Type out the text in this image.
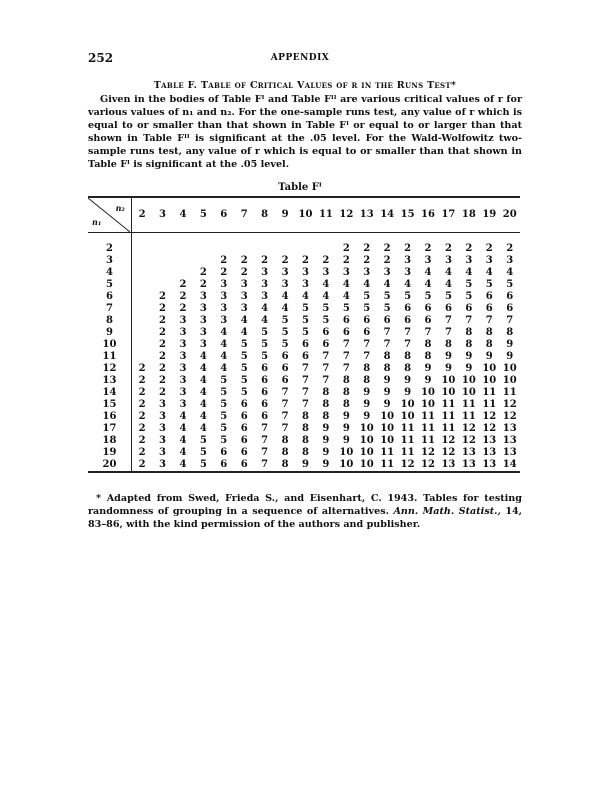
252	APPENDIX
Table F. Table of Critical Values of r in the Runs Test*
Given in the bodies of Table Fᴵ and Table Fᴵᴵ are various critical values of r for various values of n₁ and n₂. For the one-sample runs test, any value of r which is equal to or smaller than that shown in Table Fᴵ or equal to or larger than that shown in Table Fᴵᴵ is significant at the .05 level. For the Wald-Wolfowitz two-sample runs test, any value of r which is equal to or smaller than that shown in Table Fᴵ is significant at the .05 level.
Table Fᴵ
n₂
n₁	2	3	4	5	6	7	8	9	10	11	12	13	14	15	16	17	18	19	20

2											2	2	2	2	2	2	2	2	2
3					2	2	2	2	2	2	2	2	2	3	3	3	3	3	3
4				2	2	2	3	3	3	3	3	3	3	3	4	4	4	4	4
5			2	2	3	3	3	3	3	4	4	4	4	4	4	4	5	5	5
6		2	2	3	3	3	3	4	4	4	4	5	5	5	5	5	5	6	6
7		2	2	3	3	3	4	4	5	5	5	5	5	6	6	6	6	6	6
8		2	3	3	3	4	4	5	5	5	6	6	6	6	6	7	7	7	7
9		2	3	3	4	4	5	5	5	6	6	6	7	7	7	7	8	8	8
10		2	3	3	4	5	5	5	6	6	7	7	7	7	8	8	8	8	9
11		2	3	4	4	5	5	6	6	7	7	7	8	8	8	9	9	9	9
12	2	2	3	4	4	5	6	6	7	7	7	8	8	8	9	9	9	10	10
13	2	2	3	4	5	5	6	6	7	7	8	8	9	9	9	10	10	10	10
14	2	2	3	4	5	5	6	7	7	8	8	9	9	9	10	10	10	11	11
15	2	3	3	4	5	6	6	7	7	8	8	9	9	10	10	11	11	11	12
16	2	3	4	4	5	6	6	7	8	8	9	9	10	10	11	11	11	12	12
17	2	3	4	4	5	6	7	7	8	9	9	10	10	11	11	11	12	12	13
18	2	3	4	5	5	6	7	8	8	9	9	10	10	11	11	12	12	13	13
19	2	3	4	5	6	6	7	8	8	9	10	10	11	11	12	12	13	13	13
20	2	3	4	5	6	6	7	8	9	9	10	10	11	12	12	13	13	13	14
* Adapted from Swed, Frieda S., and Eisenhart, C. 1943. Tables for testing randomness of grouping in a sequence of alternatives. Ann. Math. Statist., 14, 83–86, with the kind permission of the authors and publisher.
